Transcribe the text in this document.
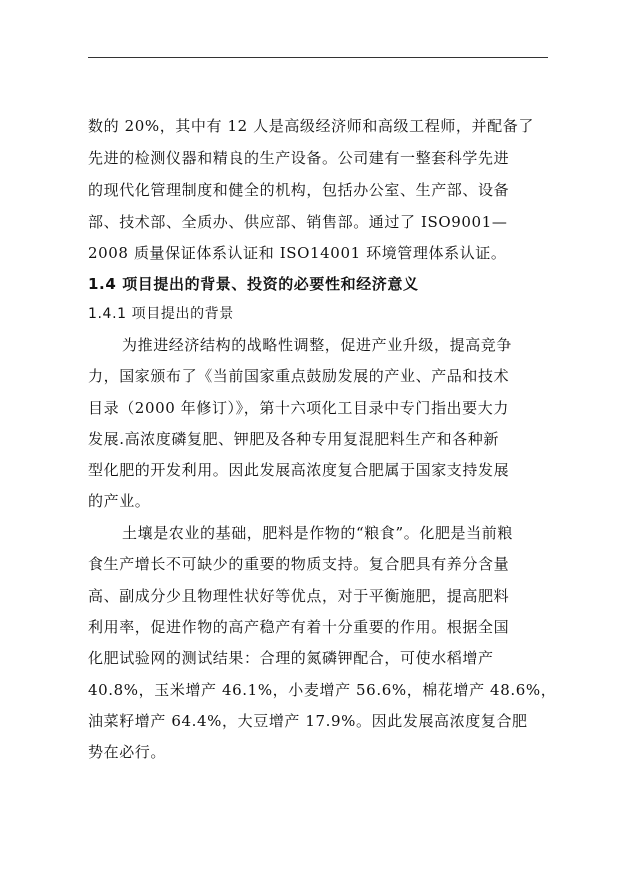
数的 20%，其中有 12 人是高级经济师和高级工程师，并配备了
先进的检测仪器和精良的生产设备。公司建有一整套科学先进
的现代化管理制度和健全的机构，包括办公室、生产部、设备
部、技术部、全质办、供应部、销售部。通过了 ISO9001—
2008 质量保证体系认证和 ISO14001 环境管理体系认证。
1.4 项目提出的背景、投资的必要性和经济意义
1.4.1 项目提出的背景
为推进经济结构的战略性调整，促进产业升级，提高竞争
力，国家颁布了《当前国家重点鼓励发展的产业、产品和技术
目录（2000 年修订）》，第十六项化工目录中专门指出要大力
发展.高浓度磷复肥、钾肥及各种专用复混肥料生产和各种新
型化肥的开发利用。因此发展高浓度复合肥属于国家支持发展
的产业。
土壤是农业的基础，肥料是作物的“粮食”。化肥是当前粮
食生产增长不可缺少的重要的物质支持。复合肥具有养分含量
高、副成分少且物理性状好等优点，对于平衡施肥，提高肥料
利用率，促进作物的高产稳产有着十分重要的作用。根据全国
化肥试验网的测试结果：合理的氮磷钾配合，可使水稻增产
40.8%，玉米增产 46.1%，小麦增产 56.6%，棉花增产 48.6%，
油菜籽增产 64.4%，大豆增产 17.9%。因此发展高浓度复合肥
势在必行。
